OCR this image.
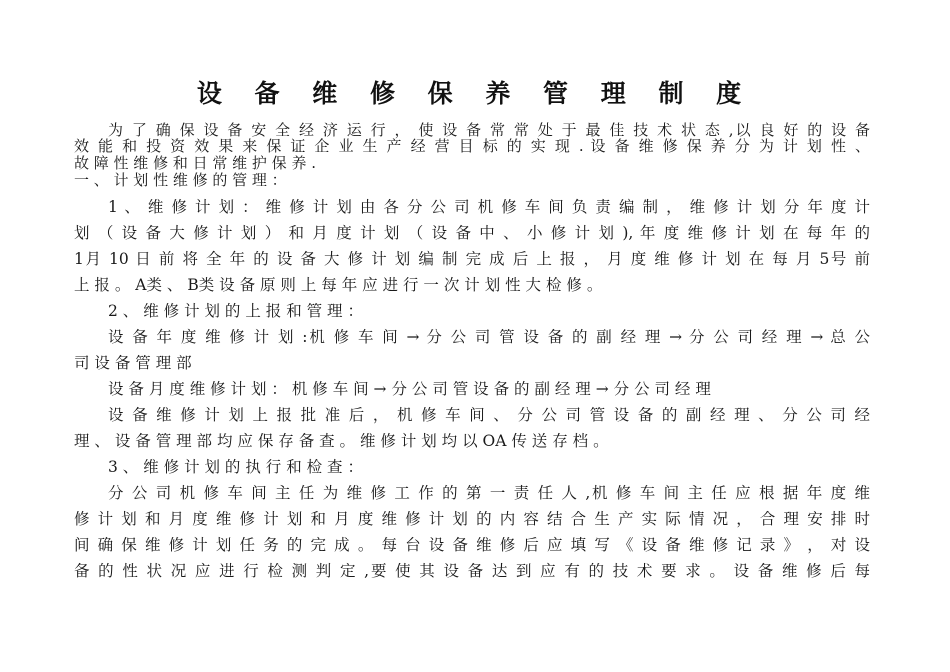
设 备 维 修 保 养 管 理 制 度
为 了 确 保 设 备 安 全 经 济 运 行 ， 使 设 备 常 常 处 于 最 佳 技 术 状 态 ,以 良 好 的 设 备
效 能 和 投 资 效 果 来 保 证 企 业 生 产 经 营 目 标 的 实 现 . 设 备 维 修 保 养 分 为 计 划 性 、
故 障 性 维 修 和 日 常 维 护 保 养 .
一 、 计 划 性 维 修 的 管 理 ：
1 、 维 修 计 划 ： 维 修 计 划 由 各 分 公 司 机 修 车 间 负 责 编 制 ， 维 修 计 划 分 年 度 计
划 （ 设 备 大 修 计 划 ） 和 月 度 计 划 （ 设 备 中 、 小 修 计 划 ), 年 度 维 修 计 划 在 每 年 的
1月 10 日 前 将 全 年 的 设 备 大 修 计 划 编 制 完 成 后 上 报 ， 月 度 维 修 计 划 在 每 月 5号 前
上 报 。 A类 、 B类 设 备 原 则 上 每 年 应 进 行 一 次 计 划 性 大 检 修 。
2 、 维 修 计 划 的 上 报 和 管 理 ：
设 备 年 度 维 修 计 划 :机 修 车 间 → 分 公 司 管 设 备 的 副 经 理 → 分 公 司 经 理 → 总 公
司 设 备 管 理 部
设 备 月 度 维 修 计 划 ： 机 修 车 间 → 分 公 司 管 设 备 的 副 经 理 → 分 公 司 经 理
设 备 维 修 计 划 上 报 批 准 后 ， 机 修 车 间 、 分 公 司 管 设 备 的 副 经 理 、 分 公 司 经
理 、 设 备 管 理 部 均 应 保 存 备 查 。 维 修 计 划 均 以 OA 传 送 存 档 。
3 、 维 修 计 划 的 执 行 和 检 查 ：
分 公 司 机 修 车 间 主 任 为 维 修 工 作 的 第 一 责 任 人 ,机 修 车 间 主 任 应 根 据 年 度 维
修 计 划 和 月 度 维 修 计 划 和 月 度 维 修 计 划 的 内 容 结 合 生 产 实 际 情 况 ， 合 理 安 排 时
间 确 保 维 修 计 划 任 务 的 完 成 。 每 台 设 备 维 修 后 应 填 写 《 设 备 维 修 记 录 》 ， 对 设
备 的 性 状 况 应 进 行 检 测 判 定 ,要 使 其 设 备 达 到 应 有 的 技 术 要 求 。 设 备 维 修 后 每
